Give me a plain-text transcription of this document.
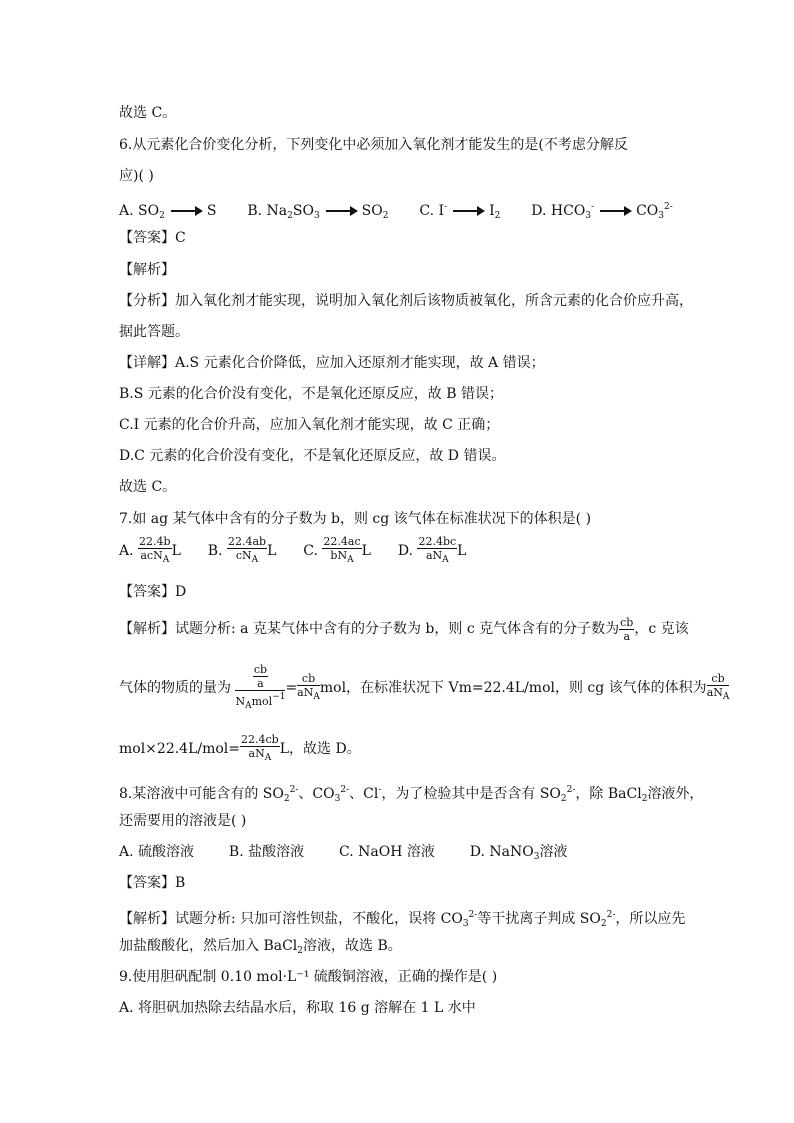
故选 C。
6.从元素化合价变化分析，下列变化中必须加入氧化剂才能发生的是(不考虑分解反
应)( )
A. $SO_2$	S B. $Na_2SO_3$	$SO_2$ C. I-	$I_2$ D. $HCO_3^-$	$CO_3^{2-}$
【答案】C
【解析】
【分析】加入氧化剂才能实现，说明加入氧化剂后该物质被氧化，所含元素的化合价应升高，
据此答题。
【详解】A.S 元素化合价降低，应加入还原剂才能实现，故 A 错误；
B.S 元素的化合价没有变化，不是氧化还原反应，故 B 错误；
C.I 元素的化合价升高，应加入氧化剂才能实现，故 C 正确；
D.C 元素的化合价没有变化，不是氧化还原反应，故 D 错误。
故选 C。
7.如 ag 某气体中含有的分子数为 b，则 cg 该气体在标准状况下的体积是( )
A. $\frac{22.4b}{acN_A}$ L B. $\frac{22.4ab}{cN_A}$ L C. $\frac{22.4ac}{bN_A}$ L D. $\frac{22.4bc}{aN_A}$ L
【答案】D
【解析】试题分析: a 克某气体中含有的分子数为 b，则 c 克气体含有的分子数为 $\frac{cb}{a}$ ，c 克该
气体的物质的量为 $\frac{\frac{cb}{a}}{N_Amol^{-1}} = \frac{cb}{aN_A}$ mol，在标准状况下 Vm=22.4L/mol，则 cg 该气体的体积为 $\frac{cb}{aN_A}$
$mol\times 22.4L/mol= \frac{22.4cb}{aN_A}$ L，故选 D。
8.某溶液中可能含有的 $SO_2^{2-}$、$CO_3^{2-}$、Cl-，为了检验其中是否含有 $SO_2^{2-}$，除 BaCl$_2$溶液外，
还需要用的溶液是( )
A. 硫酸溶液 B. 盐酸溶液 C. NaOH 溶液 D. NaNO$_3$溶液
【答案】B
【解析】试题分析: 只加可溶性钡盐，不酸化，误将 $CO_3^{2-}$等干扰离子判成 $SO_2^{2-}$，所以应先
加盐酸酸化，然后加入 BaCl$_2$溶液，故选 B。
9.使用胆矾配制 0.10 mol·L⁻¹ 硫酸铜溶液，正确的操作是( )
A. 将胆矾加热除去结晶水后，称取 16 g 溶解在 1 L 水中
